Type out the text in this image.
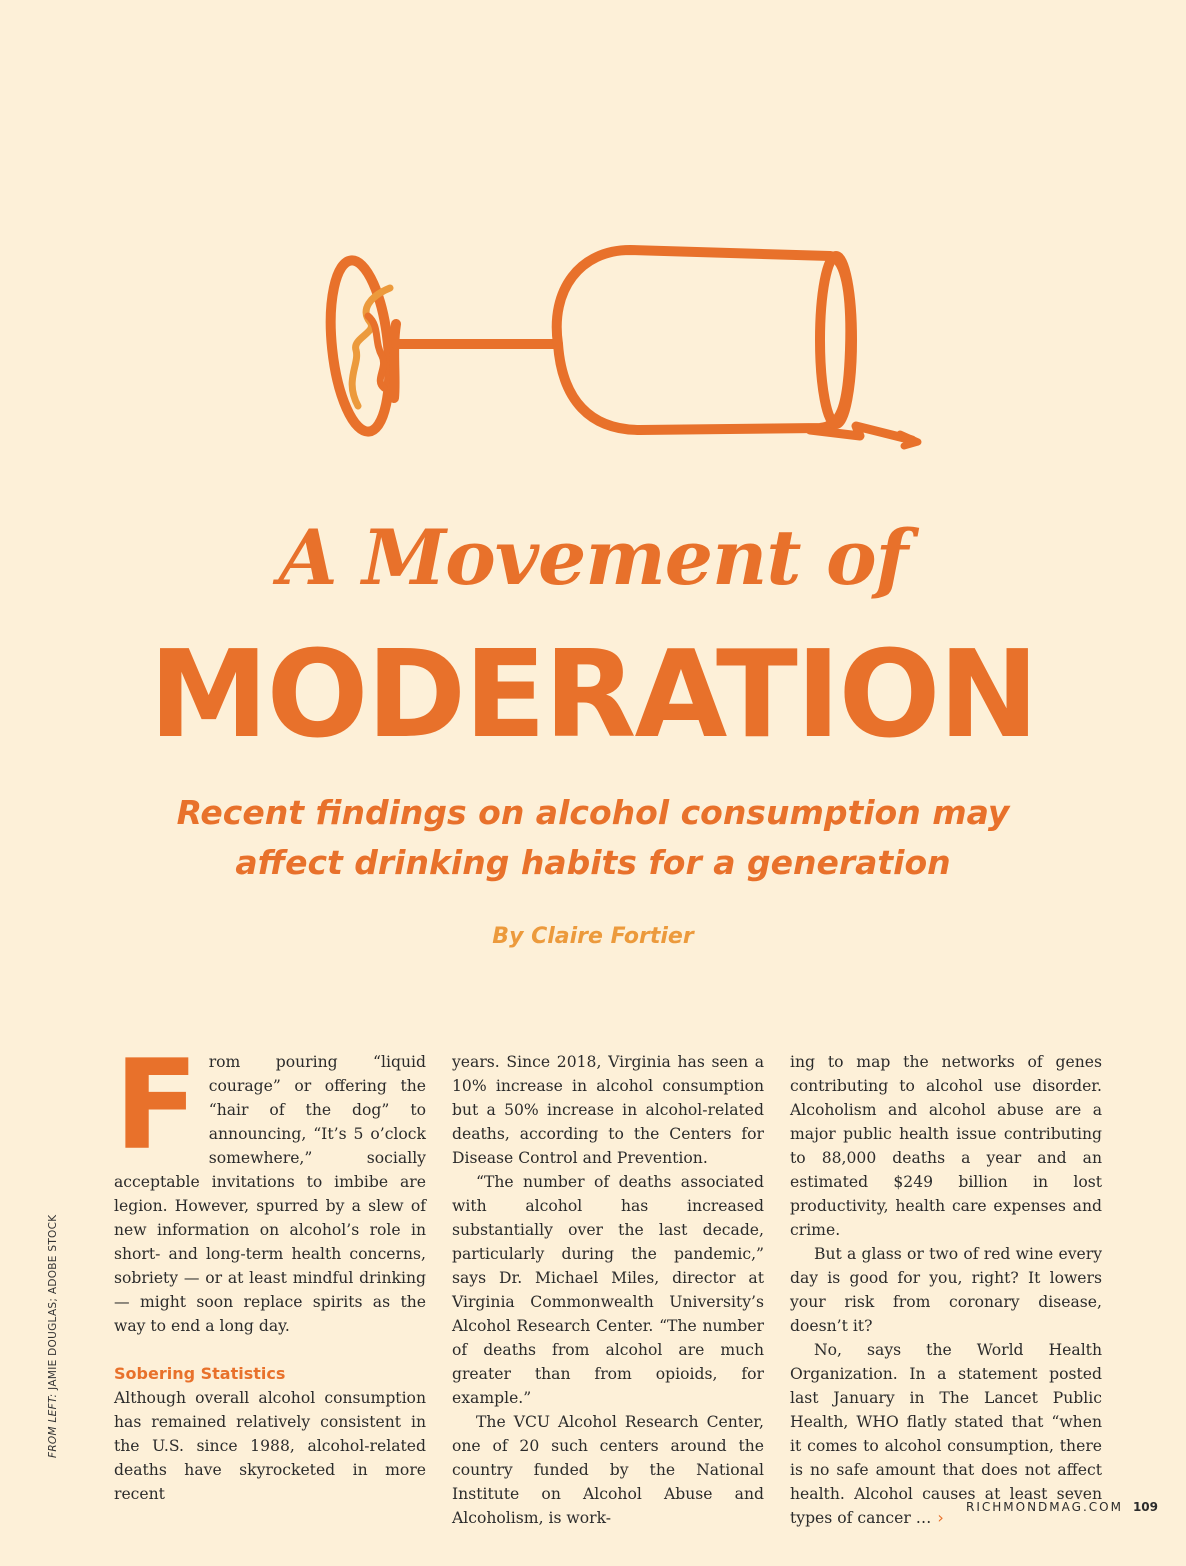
A Movement of
MODERATION
Recent findings on alcohol consumption may affect drinking habits for a generation
By Claire Fortier
FROM LEFT: JAMIE DOUGLAS; ADOBE STOCK
F rom pouring “liquid courage” or offering the “hair of the dog” to announcing, “It’s 5 o’clock somewhere,” socially acceptable invitations to imbibe are legion. However, spurred by a slew of new information on alcohol’s role in short- and long-term health concerns, sobriety — or at least mindful drinking — might soon replace spirits as the way to end a long day.

Sobering Statistics

Although overall alcohol consumption has remained relatively consistent in the U.S. since 1988, alcohol-related deaths have skyrocketed in more recent

years. Since 2018, Virginia has seen a 10% increase in alcohol consumption but a 50% increase in alcohol-related deaths, according to the Centers for Disease Control and Prevention.

“The number of deaths associated with alcohol has increased substantially over the last decade, particularly during the pandemic,” says Dr. Michael Miles, director at Virginia Commonwealth University’s Alcohol Research Center. “The number of deaths from alcohol are much greater than from opioids, for example.”

The VCU Alcohol Research Center, one of 20 such centers around the country funded by the National Institute on Alcohol Abuse and Alcoholism, is work-

ing to map the networks of genes contributing to alcohol use disorder. Alcoholism and alcohol abuse are a major public health issue contributing to 88,000 deaths a year and an estimated $249 billion in lost productivity, health care expenses and crime.

But a glass or two of red wine every day is good for you, right? It lowers your risk from coronary disease, doesn’t it?

No, says the World Health Organization. In a statement posted last January in The Lancet Public Health, WHO flatly stated that “when it comes to alcohol consumption, there is no safe amount that does not affect health. Alcohol causes at least seven types of cancer … ›

RICHMONDMAG.COM 109
